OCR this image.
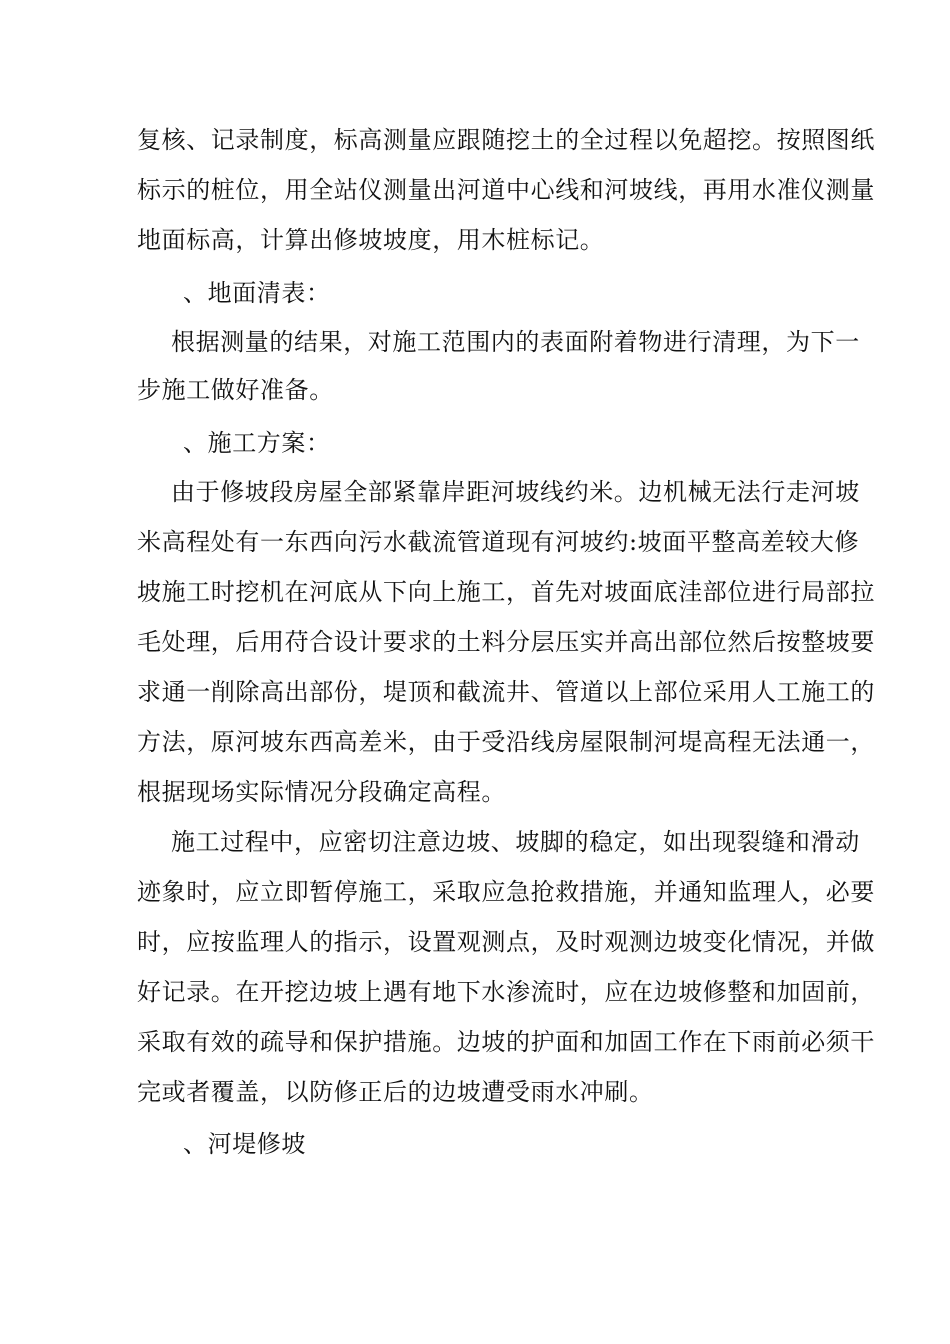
复核、记录制度，标高测量应跟随挖土的全过程以免超挖。按照图纸
标示的桩位，用全站仪测量出河道中心线和河坡线，再用水准仪测量
地面标高，计算出修坡坡度，用木桩标记。
、地面清表：
根据测量的结果，对施工范围内的表面附着物进行清理，为下一
步施工做好准备。
、施工方案：
由于修坡段房屋全部紧靠岸距河坡线约米。边机械无法行走河坡
米高程处有一东西向污水截流管道现有河坡约:坡面平整高差较大修
坡施工时挖机在河底从下向上施工，首先对坡面底洼部位进行局部拉
毛处理，后用苻合设计要求的土料分层压实并高出部位然后按整坡要
求通一削除高出部份，堤顶和截流井、管道以上部位采用人工施工的
方法，原河坡东西高差米，由于受沿线房屋限制河堤高程无法通一，
根据现场实际情况分段确定高程。
施工过程中，应密切注意边坡、坡脚的稳定，如出现裂缝和滑动
迹象时，应立即暂停施工，采取应急抢救措施，并通知监理人，必要
时，应按监理人的指示，设置观测点，及时观测边坡变化情况，并做
好记录。在开挖边坡上遇有地下水渗流时，应在边坡修整和加固前，
采取有效的疏导和保护措施。边坡的护面和加固工作在下雨前必须干
完或者覆盖，以防修正后的边坡遭受雨水冲刷。
、河堤修坡
